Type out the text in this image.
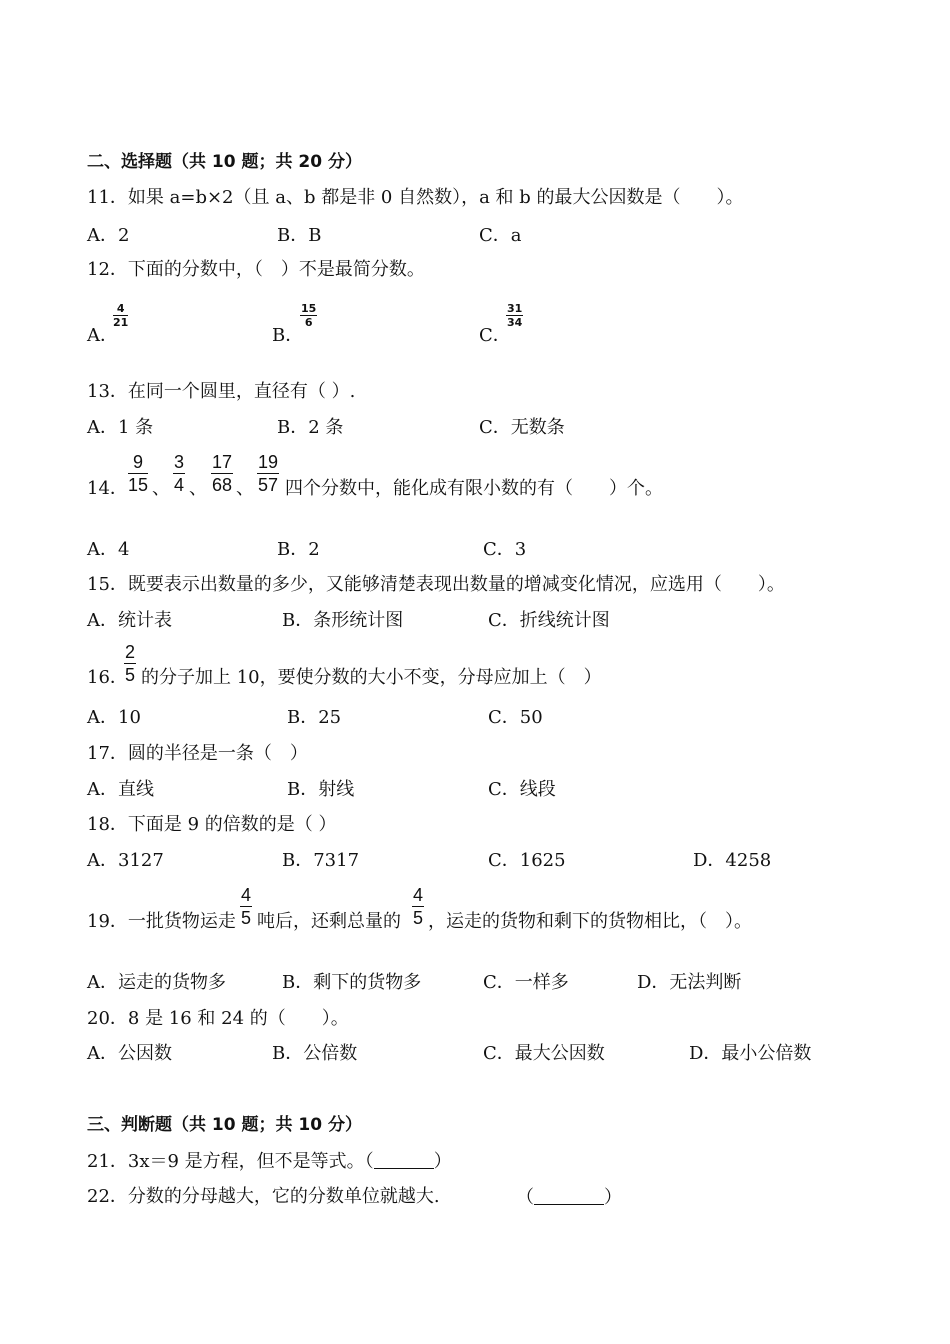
二、选择题（共 10 题；共 20 分）
11．如果 a=b×2（且 a、b 都是非 0 自然数），a 和 b 的最大公因数是（　　）。
A．2	B．B	C．a
12．下面的分数中，（　）不是最简分数。
A．
$\frac{4}{21}$
B．
$\frac{15}{6}$
C．
$\frac{31}{34}$
13．在同一个圆里，直径有（ ）.
A．1 条	B．2 条	C．无数条
14． $\frac{9}{15}$ 、 $\frac{3}{4}$ 、 $\frac{17}{68}$ 、 $\frac{19}{57}$ 四个分数中，能化成有限小数的有（　　）个。
A．4	B．2	C．3
15．既要表示出数量的多少，又能够清楚表现出数量的增减变化情况，应选用（　　）。
A．统计表	B．条形统计图	C．折线统计图
16．
$\frac{2}{5}$ 的分子加上 10，要使分数的大小不变，分母应加上（　）
A．10	B．25	C．50
17．圆的半径是一条（　）
A．直线	B．射线	C．线段
18．下面是 9 的倍数的是（ ）
A．3127	B．7317	C．1625	D．4258
19．一批货物运走 $\frac{4}{5}$ 吨后，还剩总量的 $\frac{4}{5}$ ，运走的货物和剩下的货物相比，（　）。
A．运走的货物多	B．剩下的货物多	C．一样多	D．无法判断
20．8 是 16 和 24 的（　　）。
A．公因数	B．公倍数	C．最大公因数	D．最小公倍数
三、判断题（共 10 题；共 10 分）
21．3x＝9 是方程，但不是等式。（	）
22．分数的分母越大，它的分数单位就越大.	（	）
